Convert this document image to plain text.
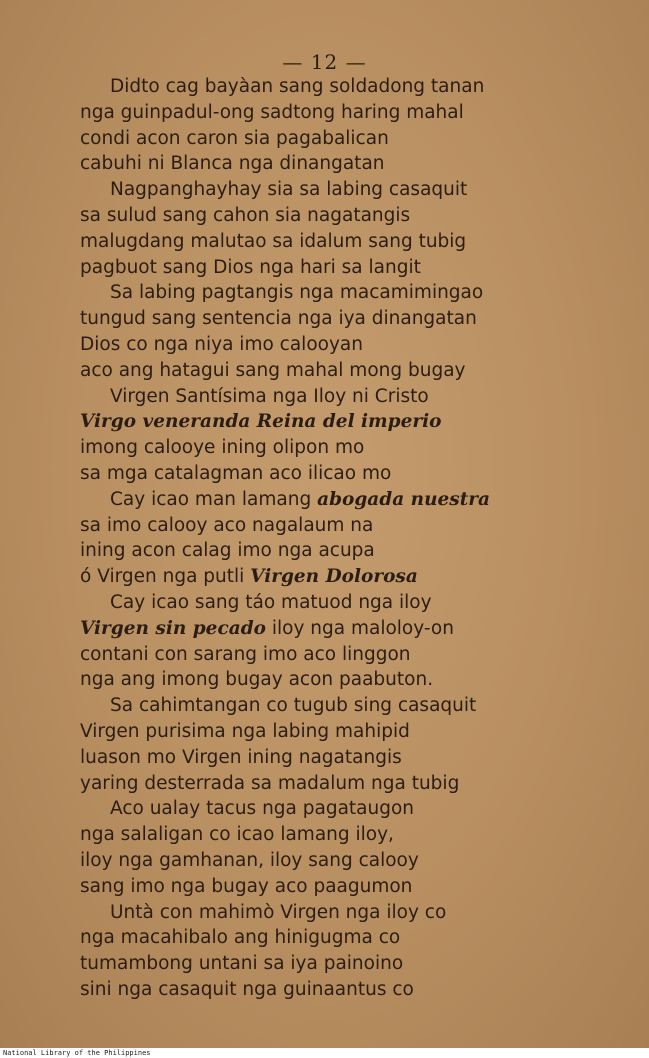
— 12 —
Didto cag bayàan sang soldadong tanan
nga guinpadul-ong sadtong haring mahal
condi acon caron sia pagabalican
cabuhi ni Blanca nga dinangatan
Nagpanghayhay sia sa labing casaquit
sa sulud sang cahon sia nagatangis
malugdang malutao sa idalum sang tubig
pagbuot sang Dios nga hari sa langit
Sa labing pagtangis nga macamimingao
tungud sang sentencia nga iya dinangatan
Dios co nga niya imo calooyan
aco ang hatagui sang mahal mong bugay
Virgen Santísima nga Iloy ni Cristo
Virgo veneranda Reina del imperio
imong calooye ining olipon mo
sa mga catalagman aco ilicao mo
Cay icao man lamang abogada nuestra
sa imo calooy aco nagalaum na
ining acon calag imo nga acupa
ó Virgen nga putli Virgen Dolorosa
Cay icao sang táo matuod nga iloy
Virgen sin pecado iloy nga maloloy-on
contani con sarang imo aco linggon
nga ang imong bugay acon paabuton.
Sa cahimtangan co tugub sing casaquit
Virgen purisima nga labing mahipid
luason mo Virgen ining nagatangis
yaring desterrada sa madalum nga tubig
Aco ualay tacus nga pagataugon
nga salaligan co icao lamang iloy,
iloy nga gamhanan, iloy sang calooy
sang imo nga bugay aco paagumon
Untà con mahimò Virgen nga iloy co
nga macahibalo ang hinigugma co
tumambong untani sa iya painoino
sini nga casaquit nga guinaantus co
National Library of the Philippines
